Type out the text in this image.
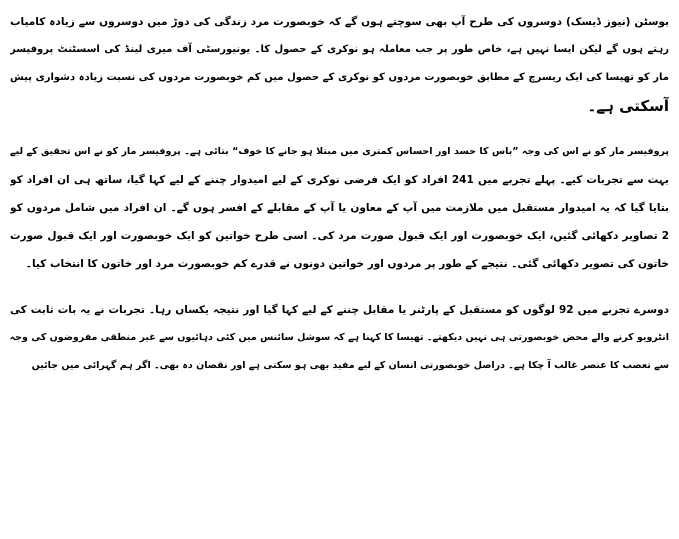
بوسٹن (نیوز ڈیسک) دوسروں کی طرح آپ بھی سوچتے ہوں گے کہ خوبصورت مرد زندگی کی دوڑ میں دوسروں سے زیادہ کامیاب
رہتے ہوں گے لیکن ایسا نہیں ہے، خاص طور پر جب معاملہ ہو نوکری کے حصول کا۔ یونیورسٹی آف میری لینڈ کی اسسٹنٹ پروفیسر
مار کو تھیسا کی ایک ریسرچ کے مطابق خوبصورت مردوں کو نوکری کے حصول میں کم خوبصورت مردوں کی نسبت زیادہ دشواری پیش
آسکتی ہے۔
پروفیسر مار کو نے اس کی وجہ ”باس کا حسد اور احساس کمتری میں مبتلا ہو جانے کا خوف“ بتائی ہے۔ پروفیسر مار کو نے اس تحقیق کے لیے
بہت سے تجربات کیے۔ پہلے تجربے میں 241 افراد کو ایک فرضی نوکری کے لیے امیدوار چننے کے لیے کہا گیا، ساتھ ہی ان افراد کو
بتایا گیا کہ یہ امیدوار مستقبل میں ملازمت میں آپ کے معاون یا آپ کے مقابلے کے افسر ہوں گے۔ ان افراد میں شامل مردوں کو
2 تصاویر دکھائی گئیں، ایک خوبصورت اور ایک قبول صورت مرد کی۔ اسی طرح خواتین کو ایک خوبصورت اور ایک قبول صورت
خاتون کی تصویر دکھائی گئی۔ نتیجے کے طور پر مردوں اور خواتین دونوں نے قدرے کم خوبصورت مرد اور خاتون کا انتخاب کیا۔
دوسرے تجربے میں 92 لوگوں کو مستقبل کے پارٹنر یا مقابل چننے کے لیے کہا گیا اور نتیجہ یکساں رہا۔ تجربات نے یہ بات ثابت کی
انٹرویو کرنے والے محض خوبصورتی ہی نہیں دیکھتے۔ تھیسا کا کہنا ہے کہ سوشل سائنس میں کئی دہائیوں سے غیر منطقی مفروضوں کی وجہ
سے تعصب کا عنصر غالب آ چکا ہے۔ دراصل خوبصورتی انسان کے لیے مفید بھی ہو سکتی ہے اور نقصان دہ بھی۔ اگر ہم گہرائی میں جائیں
